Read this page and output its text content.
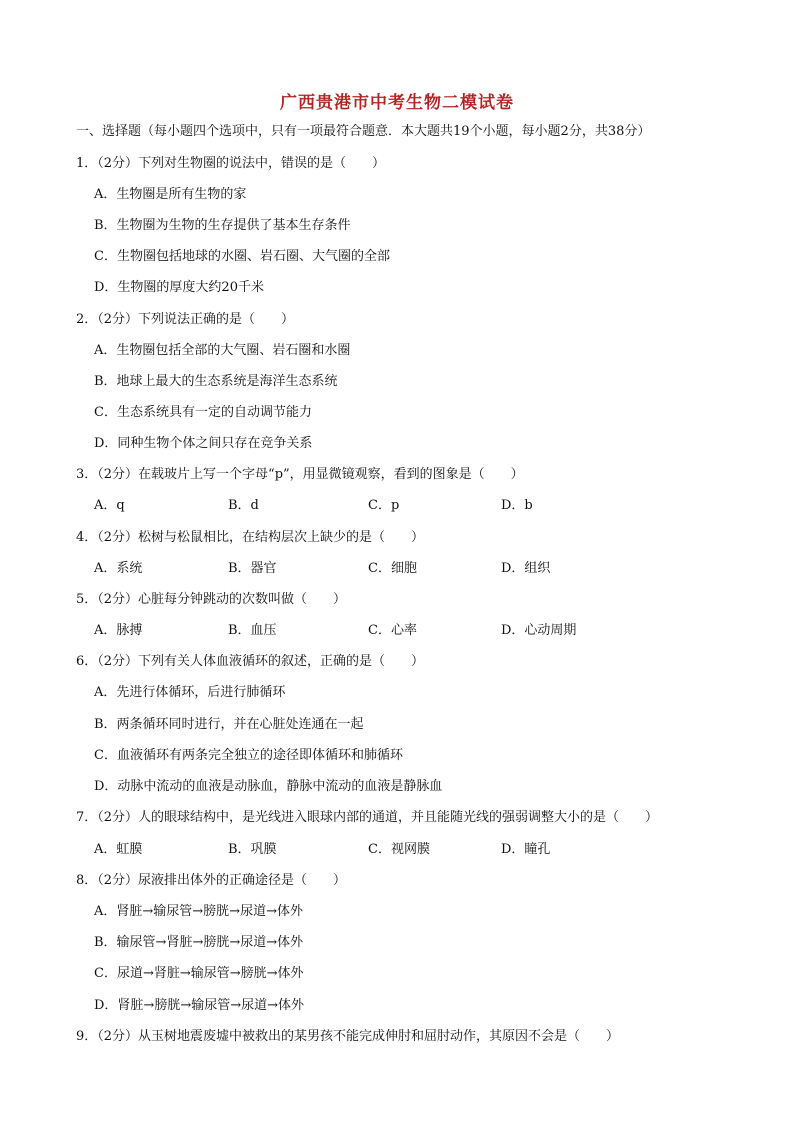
广西贵港市中考生物二模试卷
一、选择题（每小题四个选项中，只有一项最符合题意．本大题共19个小题，每小题2分，共38分）
1．（2分）下列对生物圈的说法中，错误的是（　　）
A．生物圈是所有生物的家
B．生物圈为生物的生存提供了基本生存条件
C．生物圈包括地球的水圈、岩石圈、大气圈的全部
D．生物圈的厚度大约20千米
2．（2分）下列说法正确的是（　　）
A．生物圈包括全部的大气圈、岩石圈和水圈
B．地球上最大的生态系统是海洋生态系统
C．生态系统具有一定的自动调节能力
D．同种生物个体之间只存在竞争关系
3．（2分）在载玻片上写一个字母“p”，用显微镜观察，看到的图象是（　　）
A．q	B．d	C．p	D．b
4．（2分）松树与松鼠相比，在结构层次上缺少的是（　　）
A．系统	B．器官	C．细胞	D．组织
5．（2分）心脏每分钟跳动的次数叫做（　　）
A．脉搏	B．血压	C．心率	D．心动周期
6．（2分）下列有关人体血液循环的叙述，正确的是（　　）
A．先进行体循环，后进行肺循环
B．两条循环同时进行，并在心脏处连通在一起
C．血液循环有两条完全独立的途径即体循环和肺循环
D．动脉中流动的血液是动脉血，静脉中流动的血液是静脉血
7．（2分）人的眼球结构中，是光线进入眼球内部的通道，并且能随光线的强弱调整大小的是（　　）
A．虹膜	B．巩膜	C．视网膜	D．瞳孔
8．（2分）尿液排出体外的正确途径是（　　）
A．肾脏→输尿管→膀胱→尿道→体外
B．输尿管→肾脏→膀胱→尿道→体外
C．尿道→肾脏→输尿管→膀胱→体外
D．肾脏→膀胱→输尿管→尿道→体外
9．（2分）从玉树地震废墟中被救出的某男孩不能完成伸肘和屈肘动作，其原因不会是（　　）
